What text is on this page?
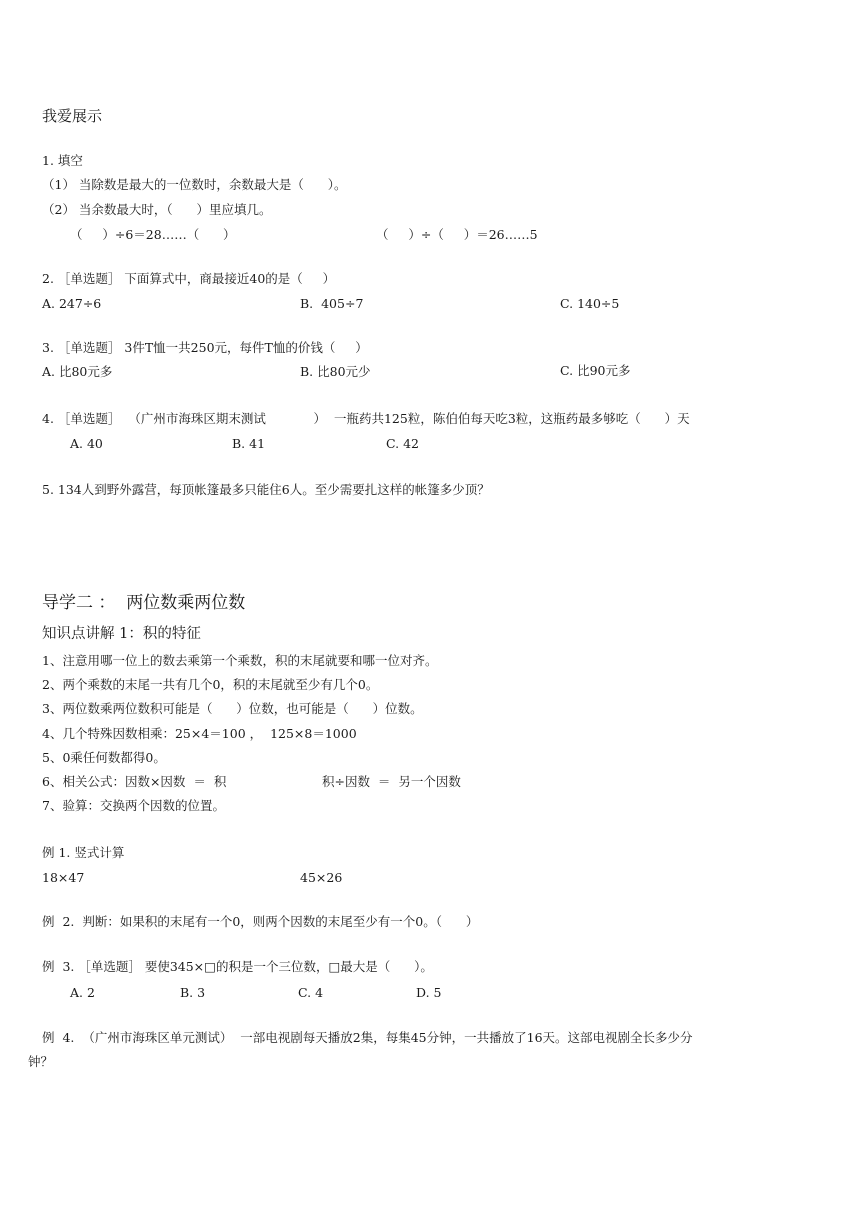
我爱展示
1. 填空
（1） 当除数是最大的一位数时，余数最大是（      ）。
（2） 当余数最大时，（      ）里应填几。
（     ）÷6＝28……（      ）	（     ）÷（     ）＝26……5
2. ［单选题］ 下面算式中，商最接近40的是（     ）
A. 247÷6	B.  405÷7	C. 140÷5
3. ［单选题］ 3件T恤一共250元，每件T恤的价钱（     ）
A. 比80元多	B. 比80元少	C. 比90元多
4. ［单选题］  （广州市海珠区期末测试            ）  一瓶药共125粒，陈伯伯每天吃3粒，这瓶药最多够吃（      ）天
A. 40	B. 41	C. 42
5. 134人到野外露营，每顶帐篷最多只能住6人。至少需要扎这样的帐篷多少顶？
导学二 ：  两位数乘两位数
知识点讲解 1：积的特征
1、注意用哪一位上的数去乘第一个乘数，积的末尾就要和哪一位对齐。
2、两个乘数的末尾一共有几个0，积的末尾就至少有几个0。
3、两位数乘两位数积可能是（      ）位数，也可能是（      ）位数。
4、几个特殊因数相乘：25×4＝100 ，  125×8＝1000
5、0乘任何数都得0。
6、相关公式：因数×因数  ＝  积	积÷因数  ＝  另一个因数
7、验算：交换两个因数的位置。
例 1. 竖式计算
18×47	45×26
例  2.  判断：如果积的末尾有一个0，则两个因数的末尾至少有一个0。（      ）
例  3. ［单选题］ 要使345×□的积是一个三位数，□最大是（      ）。
A. 2	B. 3	C. 4	D. 5
例  4.  （广州市海珠区单元测试）  一部电视剧每天播放2集，每集45分钟，一共播放了16天。这部电视剧全长多少分
钟？
